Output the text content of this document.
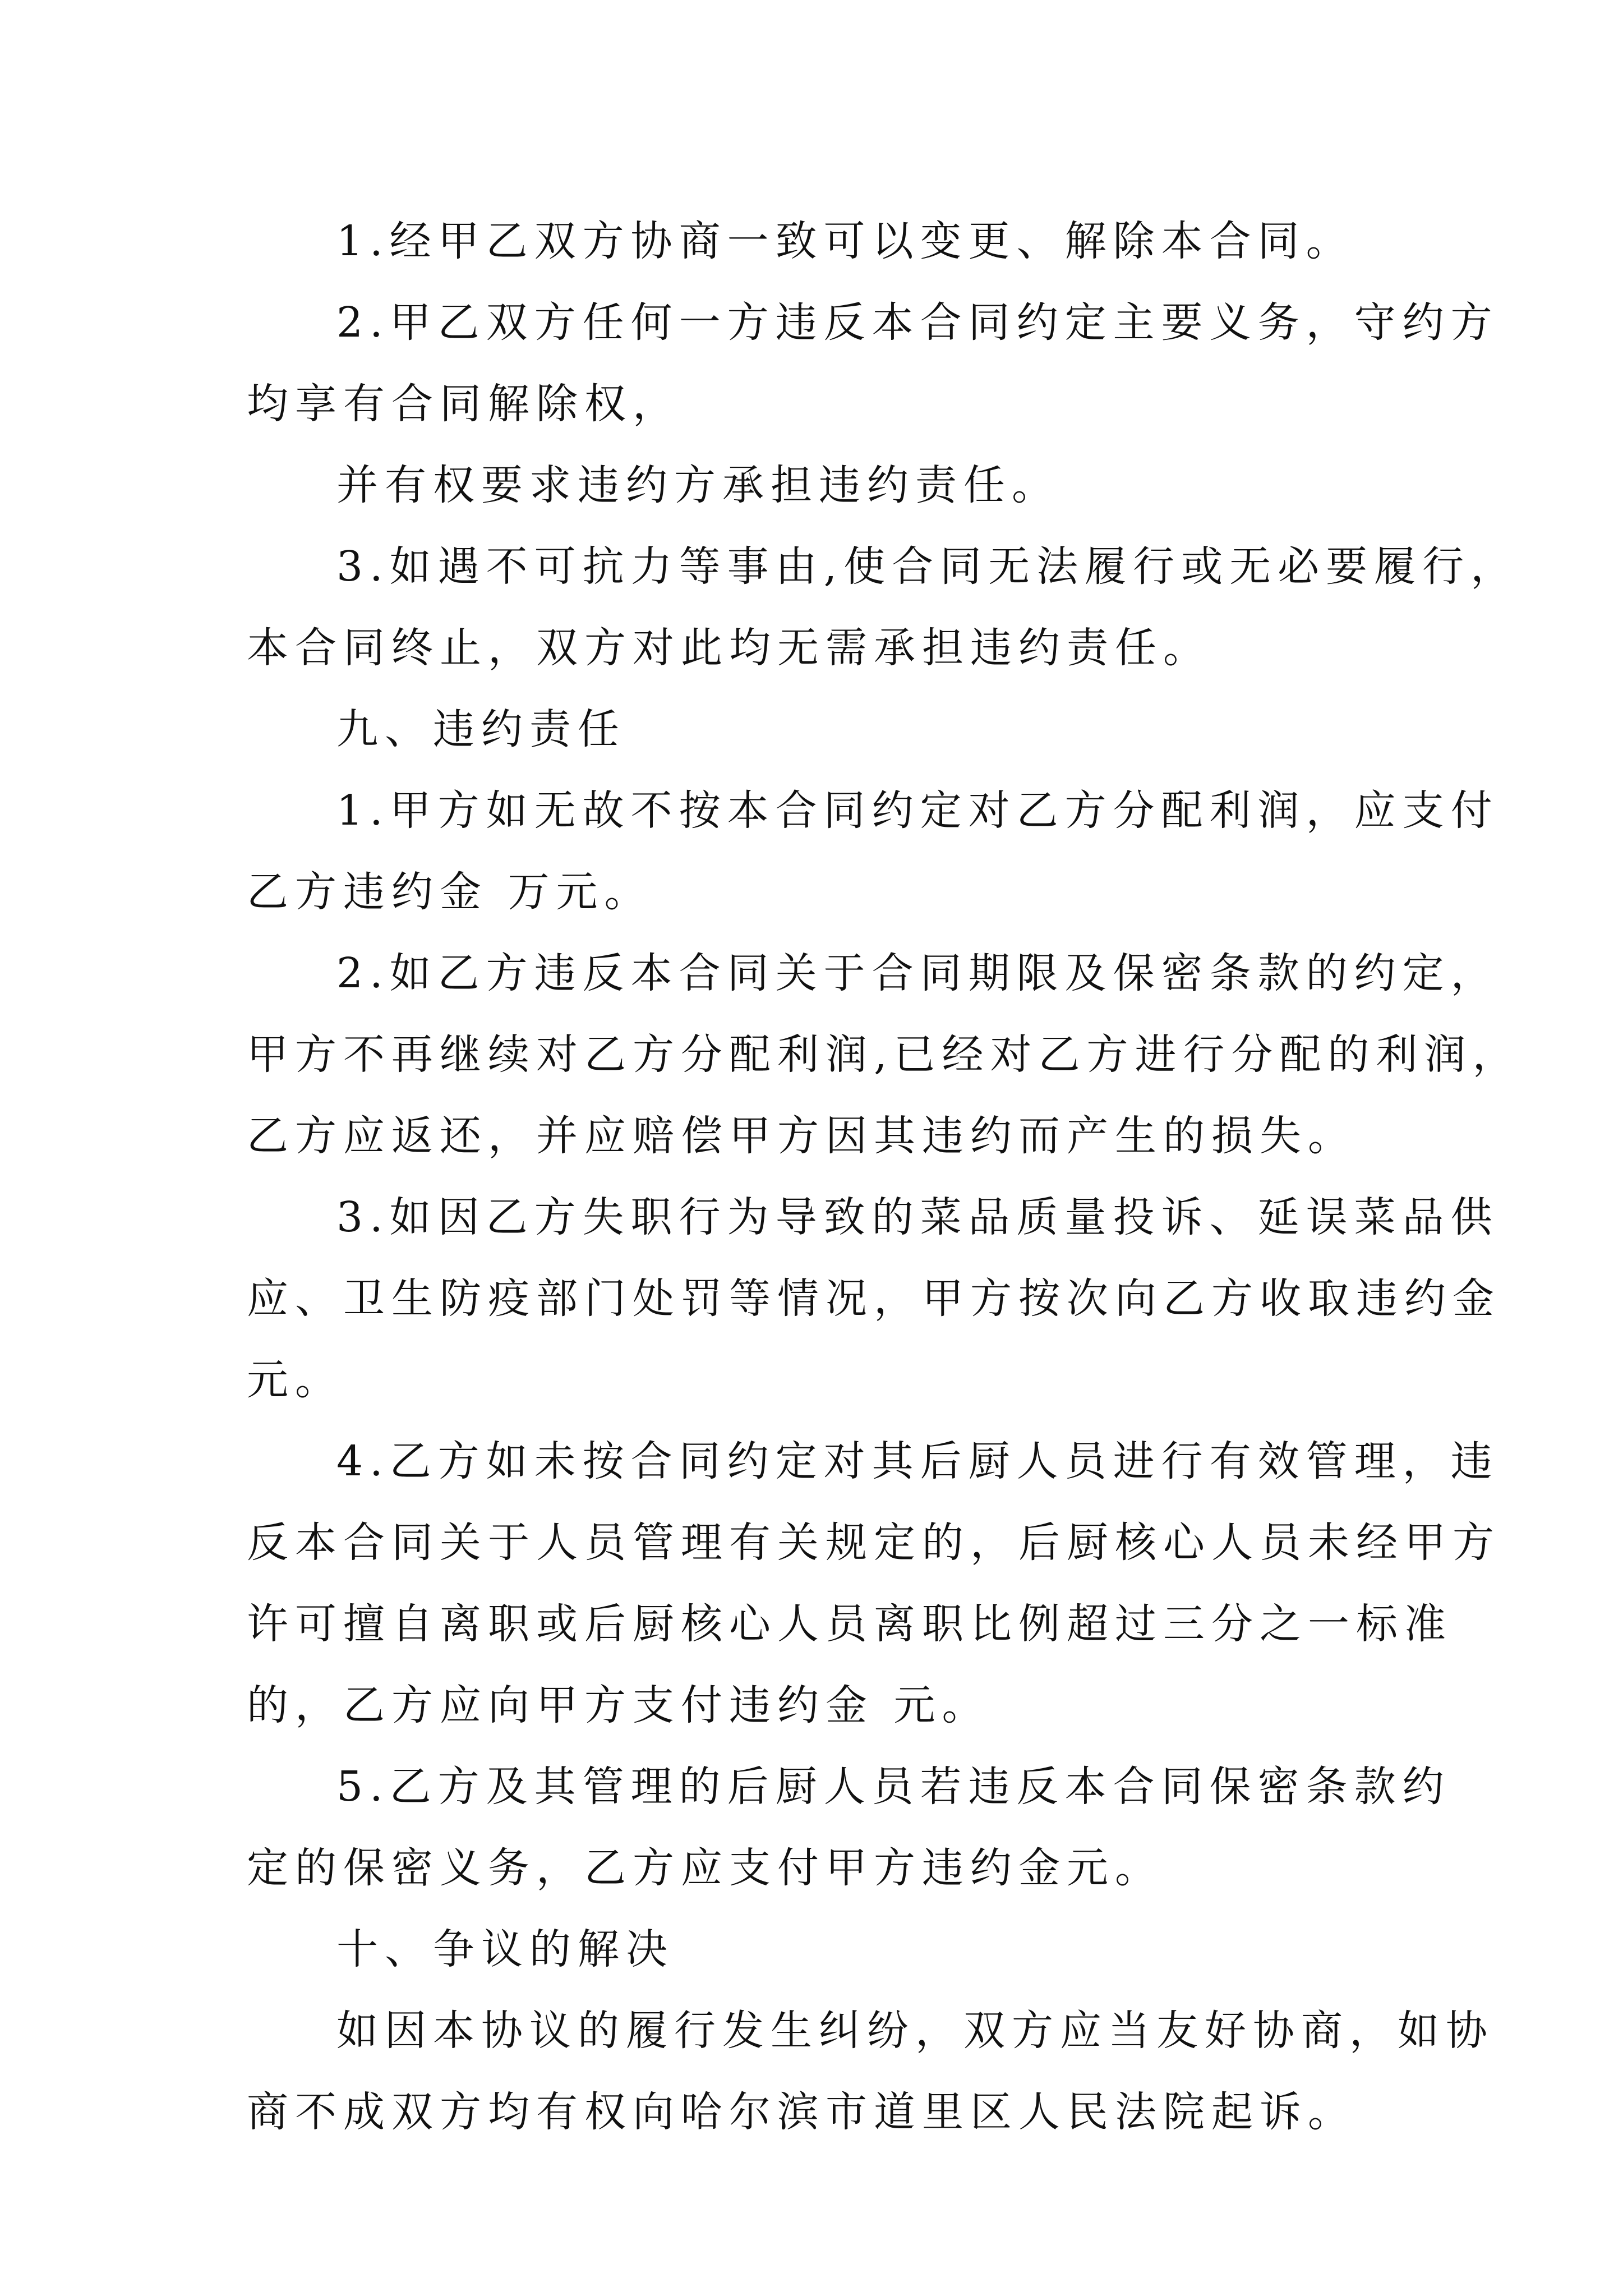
1.经甲乙双方协商一致可以变更、解除本合同。
2.甲乙双方任何一方违反本合同约定主要义务，守约方
均享有合同解除权，
并有权要求违约方承担违约责任。
3.如遇不可抗力等事由,使合同无法履行或无必要履行，
本合同终止，双方对此均无需承担违约责任。
九、违约责任
1.甲方如无故不按本合同约定对乙方分配利润，应支付
乙方违约金 万元。
2.如乙方违反本合同关于合同期限及保密条款的约定，
甲方不再继续对乙方分配利润,已经对乙方进行分配的利润，
乙方应返还，并应赔偿甲方因其违约而产生的损失。
3.如因乙方失职行为导致的菜品质量投诉、延误菜品供
应、卫生防疫部门处罚等情况，甲方按次向乙方收取违约金
元。
4.乙方如未按合同约定对其后厨人员进行有效管理，违
反本合同关于人员管理有关规定的，后厨核心人员未经甲方
许可擅自离职或后厨核心人员离职比例超过三分之一标准
的，乙方应向甲方支付违约金 元。
5.乙方及其管理的后厨人员若违反本合同保密条款约
定的保密义务，乙方应支付甲方违约金元。
十、争议的解决
如因本协议的履行发生纠纷，双方应当友好协商，如协
商不成双方均有权向哈尔滨市道里区人民法院起诉。
